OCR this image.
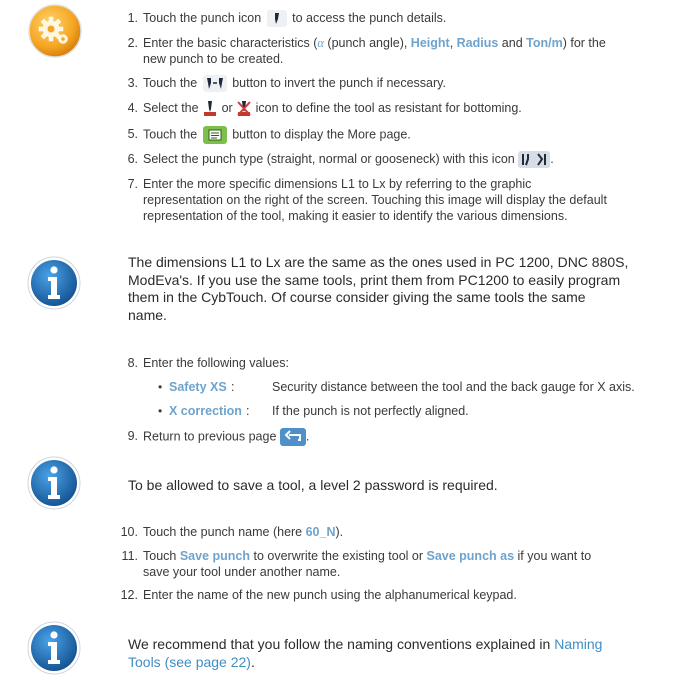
1. Touch the punch icon to access the punch details.
2. Enter the basic characteristics (α (punch angle), Height, Radius and Ton/m) for the
new punch to be created.
3. Touch the	button to invert the punch if necessary.
4. Select the or icon to define the tool as resistant for bottoming.
5. Touch the	button to display the More page.
6. Select the punch type (straight, normal or gooseneck) with this icon	.
7. Enter the more specific dimensions L1 to Lx by referring to the graphic
representation on the right of the screen. Touching this image will display the default
representation of the tool, making it easier to identify the various dimensions.
The dimensions L1 to Lx are the same as the ones used in PC 1200, DNC 880S,
ModEva's. If you use the same tools, print them from PC1200 to easily program
them in the CybTouch. Of course consider giving the same tools the same
name.
8. Enter the following values:
• Safety XS :	Security distance between the tool and the back gauge for X axis.
• X correction : If the punch is not perfectly aligned.
9. Return to previous page .
To be allowed to save a tool, a level 2 password is required.
10. Touch the punch name (here 60_N).
11. Touch Save punch to overwrite the existing tool or Save punch as if you want to
save your tool under another name.
12. Enter the name of the new punch using the alphanumerical keypad.
We recommend that you follow the naming conventions explained in Naming
Tools (see page 22).
